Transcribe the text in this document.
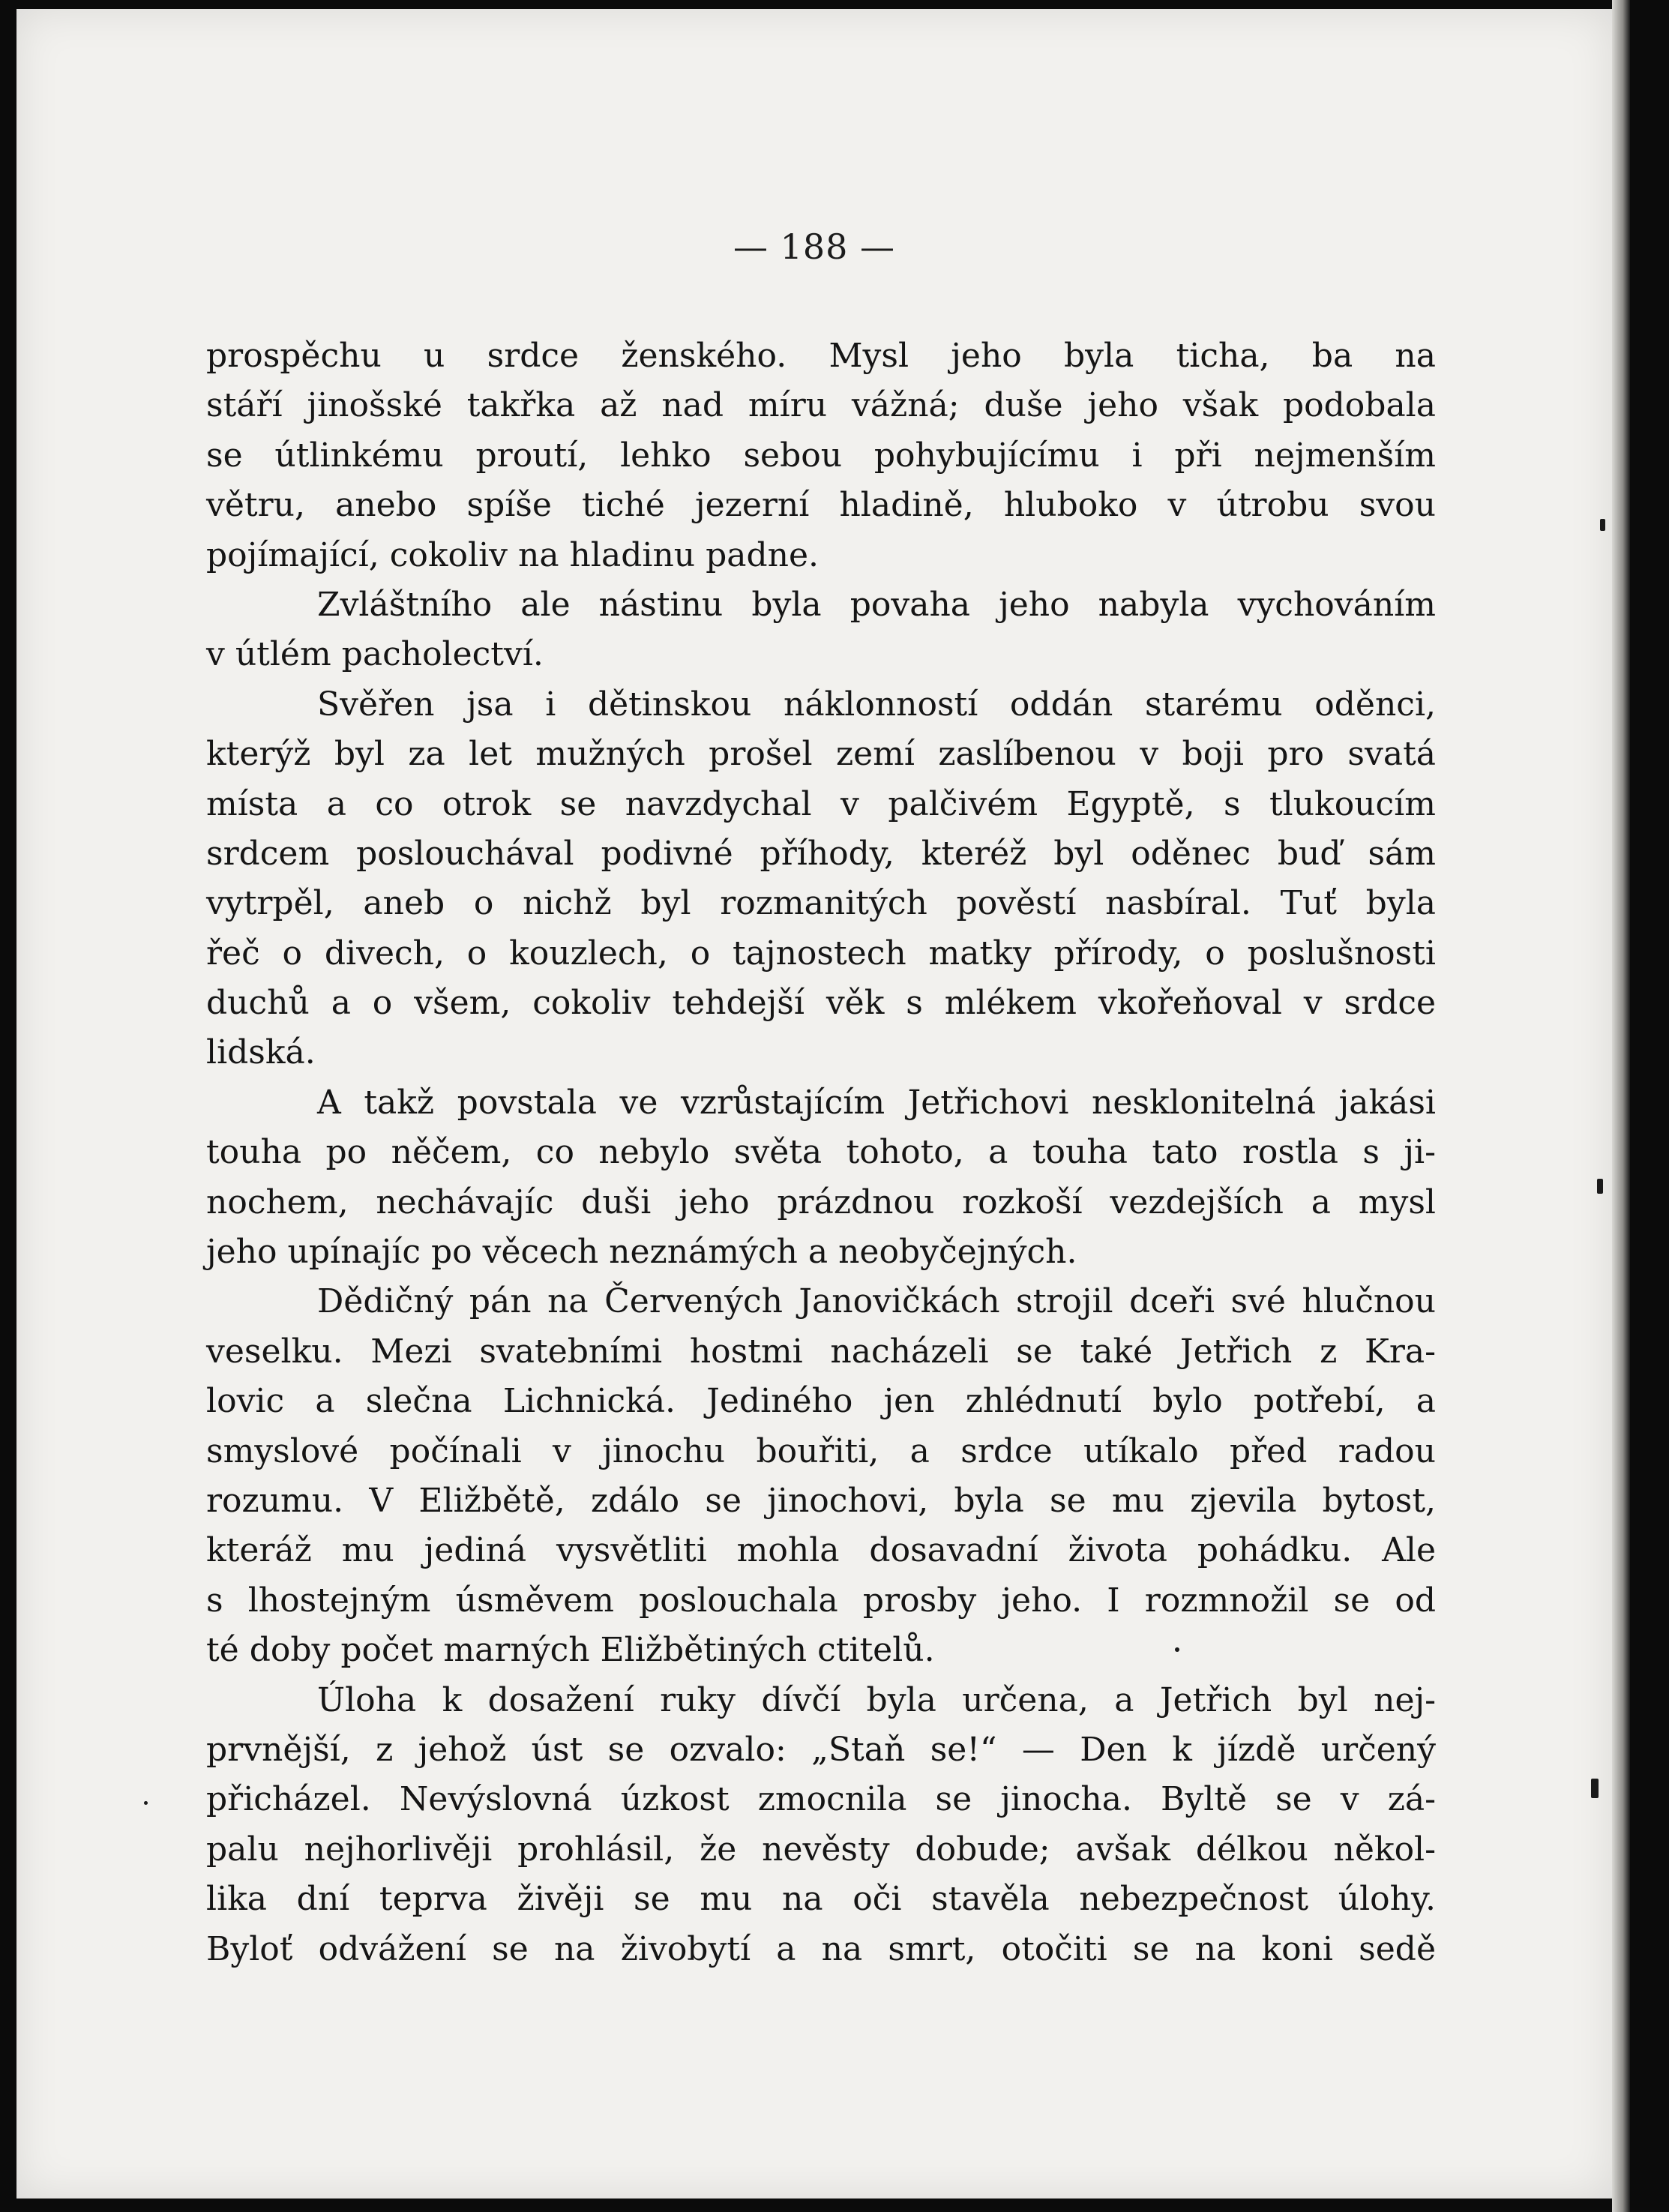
— 188 —
prospěchu u srdce ženského. Mysl jeho byla ticha, ba na
stáří jinošské takřka až nad míru vážná; duše jeho však podobala
se útlinkému proutí, lehko sebou pohybujícímu i při nejmenším
větru, anebo spíše tiché jezerní hladině, hluboko v útrobu svou
pojímající, cokoliv na hladinu padne.
Zvláštního ale nástinu byla povaha jeho nabyla vychováním
v útlém pacholectví.
Svěřen jsa i dětinskou náklonností oddán starému oděnci,
kterýž byl za let mužných prošel zemí zaslíbenou v boji pro svatá
místa a co otrok se navzdychal v palčivém Egyptě, s tlukoucím
srdcem poslouchával podivné příhody, kteréž byl oděnec buď sám
vytrpěl, aneb o nichž byl rozmanitých pověstí nasbíral. Tuť byla
řeč o divech, o kouzlech, o tajnostech matky přírody, o poslušnosti
duchů a o všem, cokoliv tehdejší věk s mlékem vkořeňoval v srdce
lidská.
A takž povstala ve vzrůstajícím Jetřichovi nesklonitelná jakási
touha po něčem, co nebylo světa tohoto, a touha tato rostla s ji-
nochem, nechávajíc duši jeho prázdnou rozkoší vezdejších a mysl
jeho upínajíc po věcech neznámých a neobyčejných.
Dědičný pán na Červených Janovičkách strojil dceři své hlučnou
veselku. Mezi svatebními hostmi nacházeli se také Jetřich z Kra-
lovic a slečna Lichnická. Jediného jen zhlédnutí bylo potřebí, a
smyslové počínali v jinochu bouřiti, a srdce utíkalo před radou
rozumu. V Eližbětě, zdálo se jinochovi, byla se mu zjevila bytost,
kteráž mu jediná vysvětliti mohla dosavadní života pohádku. Ale
s lhostejným úsměvem poslouchala prosby jeho. I rozmnožil se od
té doby počet marných Eližbětiných ctitelů.
Úloha k dosažení ruky dívčí byla určena, a Jetřich byl nej-
prvnější, z jehož úst se ozvalo: „Staň se!“ — Den k jízdě určený
přicházel. Nevýslovná úzkost zmocnila se jinocha. Byltě se v zá-
palu nejhorlivěji prohlásil, že nevěsty dobude; avšak délkou někol-
lika dní teprva živěji se mu na oči stavěla nebezpečnost úlohy.
Byloť odvážení se na živobytí a na smrt, otočiti se na koni sedě
